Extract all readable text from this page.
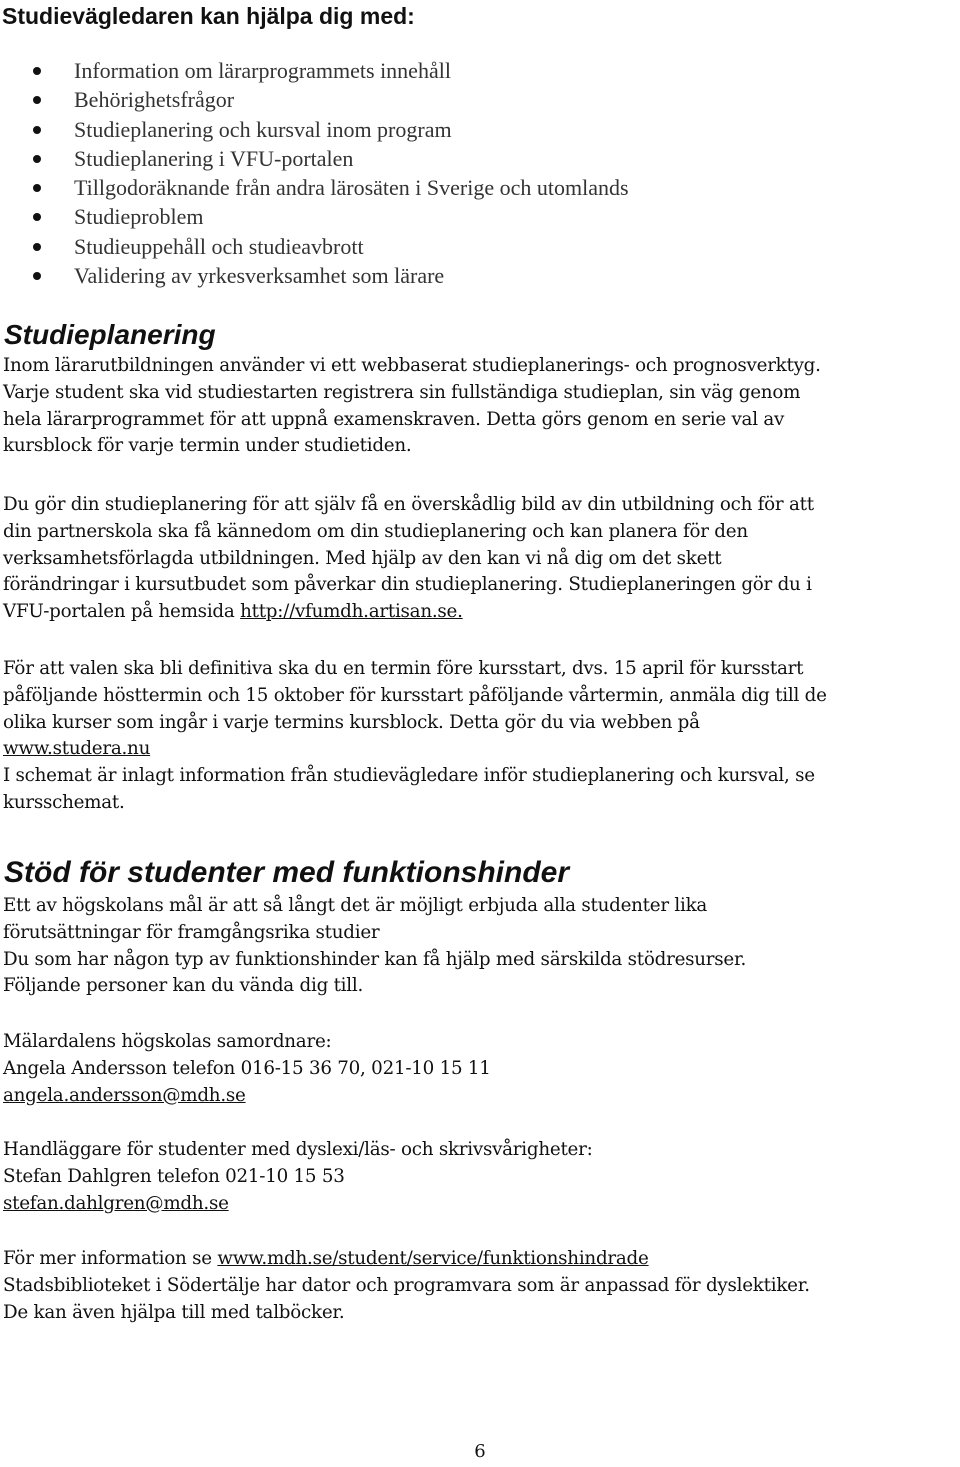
Studievägledaren kan hjälpa dig med:
Information om lärarprogrammets innehåll
Behörighetsfrågor
Studieplanering och kursval inom program
Studieplanering i VFU-portalen
Tillgodoräknande från andra lärosäten i Sverige och utomlands
Studieproblem
Studieuppehåll och studieavbrott
Validering av yrkesverksamhet som lärare
Studieplanering

Inom lärarutbildningen använder vi ett webbaserat studieplanerings- och prognosverktyg.
Varje student ska vid studiestarten registrera sin fullständiga studieplan, sin väg genom
hela lärarprogrammet för att uppnå examenskraven. Detta görs genom en serie val av
kursblock för varje termin under studietiden.

Du gör din studieplanering för att själv få en överskådlig bild av din utbildning och för att
din partnerskola ska få kännedom om din studieplanering och kan planera för den
verksamhetsförlagda utbildningen. Med hjälp av den kan vi nå dig om det skett
förändringar i kursutbudet som påverkar din studieplanering. Studieplaneringen gör du i
VFU-portalen på hemsida http://vfumdh.artisan.se.

För att valen ska bli definitiva ska du en termin före kursstart, dvs. 15 april för kursstart
påföljande hösttermin och 15 oktober för kursstart påföljande vårtermin, anmäla dig till de
olika kurser som ingår i varje termins kursblock. Detta gör du via webben på
www.studera.nu
I schemat är inlagt information från studievägledare inför studieplanering och kursval, se
kursschemat.

Stöd för studenter med funktionshinder

Ett av högskolans mål är att så långt det är möjligt erbjuda alla studenter lika
förutsättningar för framgångsrika studier
Du som har någon typ av funktionshinder kan få hjälp med särskilda stödresurser.
Följande personer kan du vända dig till.

Mälardalens högskolas samordnare:
Angela Andersson telefon 016-15 36 70, 021-10 15 11
angela.andersson@mdh.se

Handläggare för studenter med dyslexi/läs- och skrivsvårigheter:
Stefan Dahlgren telefon 021-10 15 53
stefan.dahlgren@mdh.se

För mer information se www.mdh.se/student/service/funktionshindrade
Stadsbiblioteket i Södertälje har dator och programvara som är anpassad för dyslektiker.
De kan även hjälpa till med talböcker.

6
